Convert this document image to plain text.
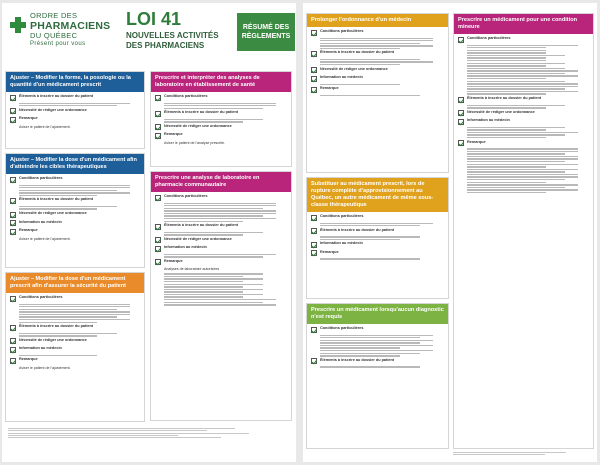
ORDRE DES
PHARMACIENS
DU QUÉBEC
Présent pour vous
LOI 41
NOUVELLES ACTIVITÉS DES PHARMACIENS
RÉSUMÉ DES RÈGLEMENTS
Ajuster – Modifier la forme, la posologie ou la quantité d'un médicament prescrit
Éléments à inscrire au dossier du patient
Nécessité de rédiger une ordonnance
Remarque
Aviser le patient de l'ajustement.
Ajuster – Modifier la dose d'un médicament afin d'atteindre les cibles thérapeutiques
Conditions particulières
Éléments à inscrire au dossier du patient
Nécessité de rédiger une ordonnance
Information au médecin
Remarque
Aviser le patient de l'ajustement.
Ajuster – Modifier la dose d'un médicament prescrit afin d'assurer la sécurité du patient
Conditions particulières
Éléments à inscrire au dossier du patient
Nécessité de rédiger une ordonnance
Information au médecin
Remarque
Aviser le patient de l'ajustement.
Prescrire et interpréter des analyses de laboratoire en établissement de santé
Conditions particulières
Éléments à inscrire au dossier du patient
Nécessité de rédiger une ordonnance
Remarque
Aviser le patient de l'analyse prescrite.
Prescrire une analyse de laboratoire en pharmacie communautaire
Conditions particulières
Éléments à inscrire au dossier du patient
Nécessité de rédiger une ordonnance
Information au médecin
Remarque
Analyses de laboratoire autorisées
Prolonger l'ordonnance d'un médecin
Conditions particulières
Éléments à inscrire au dossier du patient
Nécessité de rédiger une ordonnance
Information au médecin
Remarque
Substituer au médicament prescrit, lors de rupture complète d'approvisionnement au Québec, un autre médicament de même sous-classe thérapeutique
Conditions particulières
Éléments à inscrire au dossier du patient
Information au médecin
Remarque
Prescrire un médicament lorsqu'aucun diagnostic n'est requis
Conditions particulières
Éléments à inscrire au dossier du patient
Prescrire un médicament pour une condition mineure
Conditions particulières
Éléments à inscrire au dossier du patient
Nécessité de rédiger une ordonnance
Information au médecin
Remarque
